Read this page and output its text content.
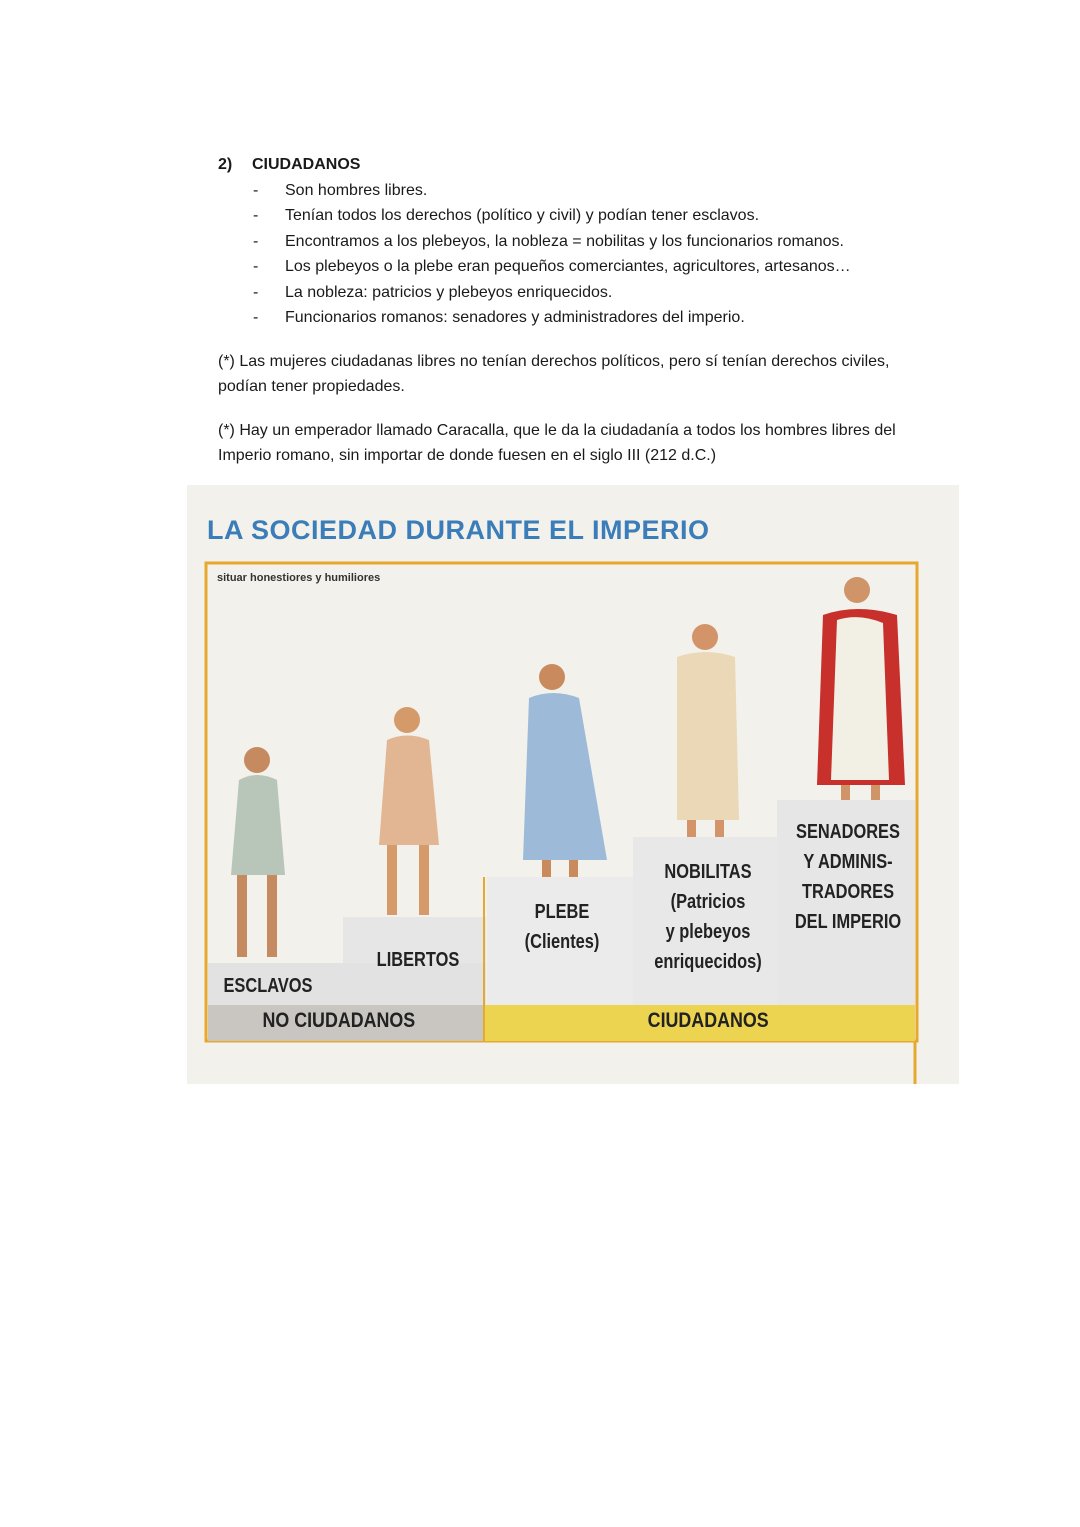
2)	CIUDADANOS
- Son hombres libres.
- Tenían todos los derechos (político y civil) y podían tener esclavos.
- Encontramos a los plebeyos, la nobleza = nobilitas y los funcionarios romanos.
- Los plebeyos o la plebe eran pequeños comerciantes, agricultores, artesanos…
- La nobleza: patricios y plebeyos enriquecidos.
- Funcionarios romanos: senadores y administradores del imperio.

(*) Las mujeres ciudadanas libres no tenían derechos políticos, pero sí tenían derechos civiles, podían tener propiedades.

(*) Hay un emperador llamado Caracalla, que le da la ciudadanía a todos los hombres libres del Imperio romano, sin importar de donde fuesen en el siglo III (212 d.C.)

LA SOCIEDAD DURANTE EL IMPERIO
situar honestiores y humiliores
ESCLAVOS
LIBERTOS
PLEBE
(Clientes)
NOBILITAS
(Patricios
y plebeyos
enriquecidos)
SENADORES
Y ADMINIS-
TRADORES
DEL IMPERIO
NO CIUDADANOS	CIUDADANOS
